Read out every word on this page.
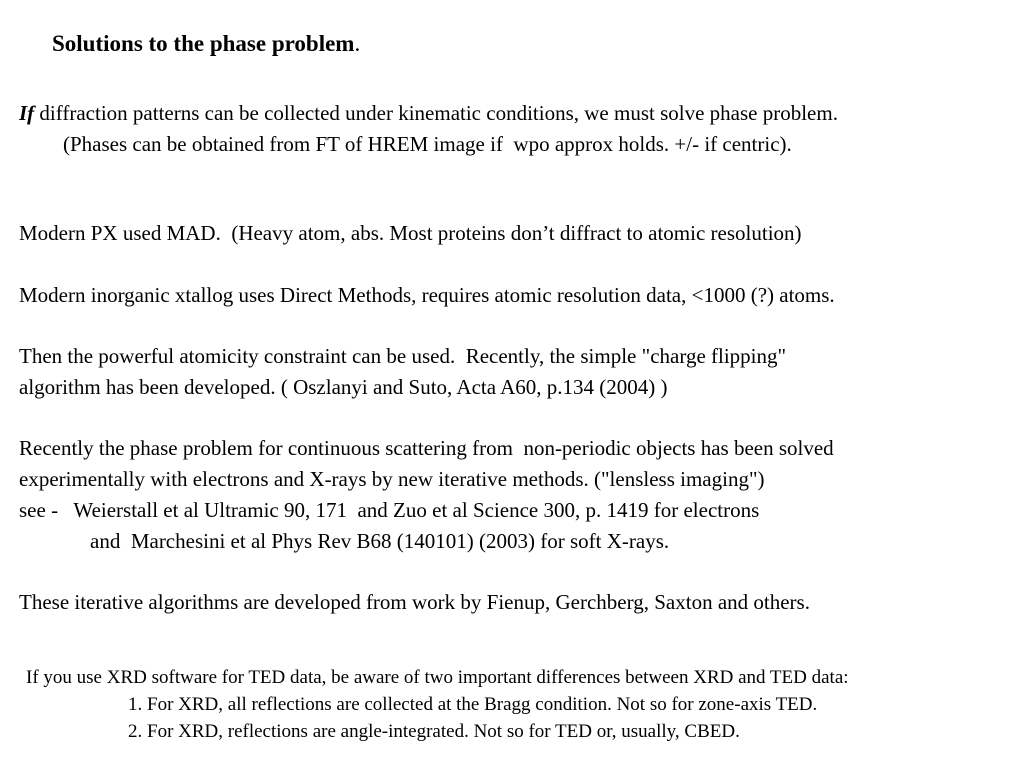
Solutions to the phase problem.
If diffraction patterns can be collected under kinematic conditions, we must solve phase problem.
(Phases can be obtained from FT of HREM image if  wpo approx holds. +/- if centric).
Modern PX used MAD.  (Heavy atom, abs. Most proteins don’t diffract to atomic resolution)
Modern inorganic xtallog uses Direct Methods, requires atomic resolution data, <1000 (?) atoms.
Then the powerful atomicity constraint can be used.  Recently, the simple "charge flipping"
algorithm has been developed. ( Oszlanyi and Suto, Acta A60, p.134 (2004) )
Recently the phase problem for continuous scattering from  non-periodic objects has been solved
experimentally with electrons and X-rays by new iterative methods. ("lensless imaging")
see -   Weierstall et al Ultramic 90, 171  and Zuo et al Science 300, p. 1419 for electrons
and  Marchesini et al Phys Rev B68 (140101) (2003) for soft X-rays.
These iterative algorithms are developed from work by Fienup, Gerchberg, Saxton and others.
If you use XRD software for TED data, be aware of two important differences between XRD and TED data:
1. For XRD, all reflections are collected at the Bragg condition. Not so for zone-axis TED.
2. For XRD, reflections are angle-integrated. Not so for TED or, usually, CBED.
